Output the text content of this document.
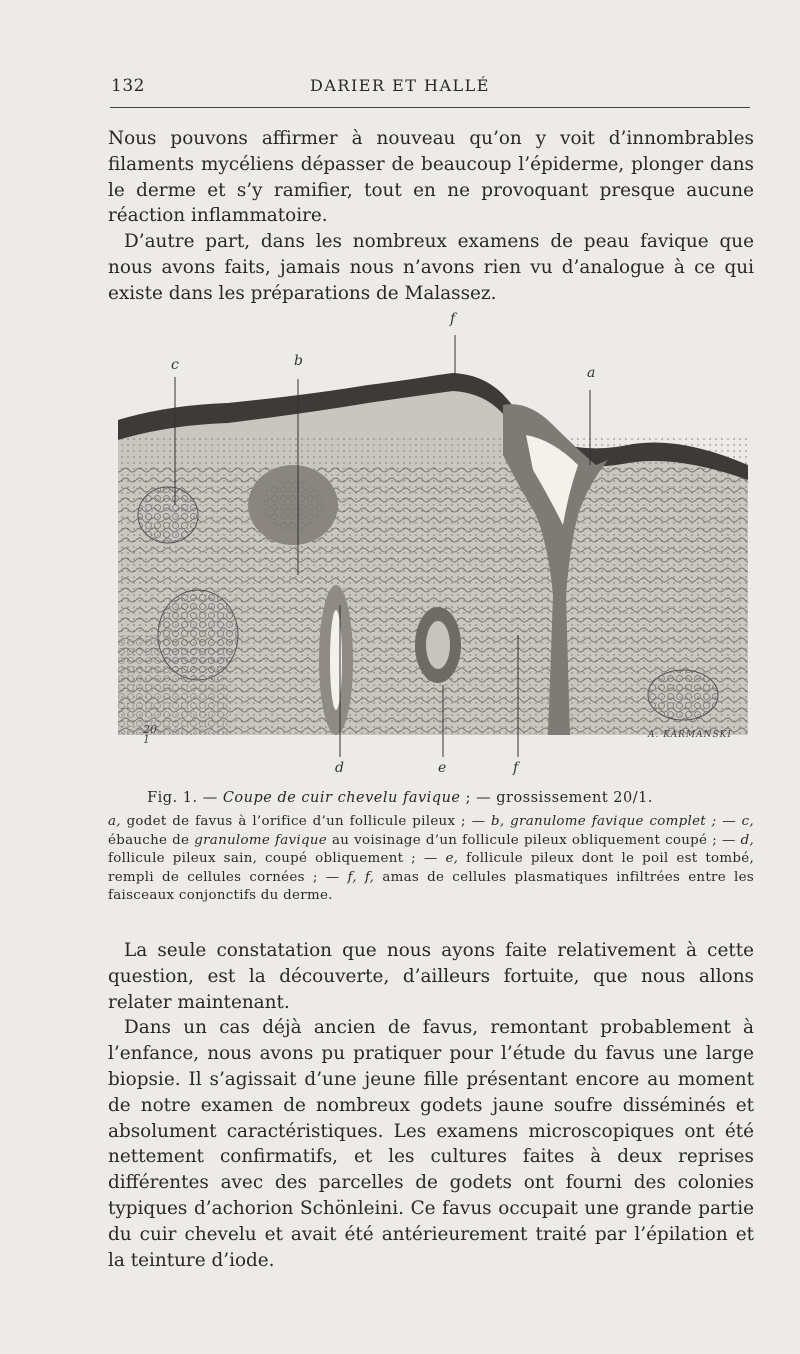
132	DARIER ET HALLÉ

Nous pouvons affirmer à nouveau qu’on y voit d’innombrables filaments mycéliens dépasser de beaucoup l’épiderme, plonger dans le derme et s’y ramifier, tout en ne provoquant presque aucune réaction inflammatoire.

D’autre part, dans les nombreux examens de peau favique que nous avons faits, jamais nous n’avons rien vu d’analogue à ce qui existe dans les préparations de Malassez.

f
c	b
a
d	e	f
20
1	A. KARMANSKI
Fig. 1. — Coupe de cuir chevelu favique ; — grossissement 20/1.
a, godet de favus à l’orifice d’un follicule pileux ; — b, granulome favique complet ; — c, ébauche de granulome favique au voisinage d’un follicule pileux obliquement coupé ; — d, follicule pileux sain, coupé obliquement ; — e, follicule pileux dont le poil est tombé, rempli de cellules cornées ; — f, f, amas de cellules plasmatiques infiltrées entre les faisceaux conjonctifs du derme.

La seule constatation que nous ayons faite relativement à cette question, est la découverte, d’ailleurs fortuite, que nous allons relater maintenant.

Dans un cas déjà ancien de favus, remontant probablement à l’enfance, nous avons pu pratiquer pour l’étude du favus une large biopsie. Il s’agissait d’une jeune fille présentant encore au moment de notre examen de nombreux godets jaune soufre disséminés et absolument caractéristiques. Les examens microscopiques ont été nettement confirmatifs, et les cultures faites à deux reprises différentes avec des parcelles de godets ont fourni des colonies typiques d’achorion Schönleini. Ce favus occupait une grande partie du cuir chevelu et avait été antérieurement traité par l’épilation et la teinture d’iode.
